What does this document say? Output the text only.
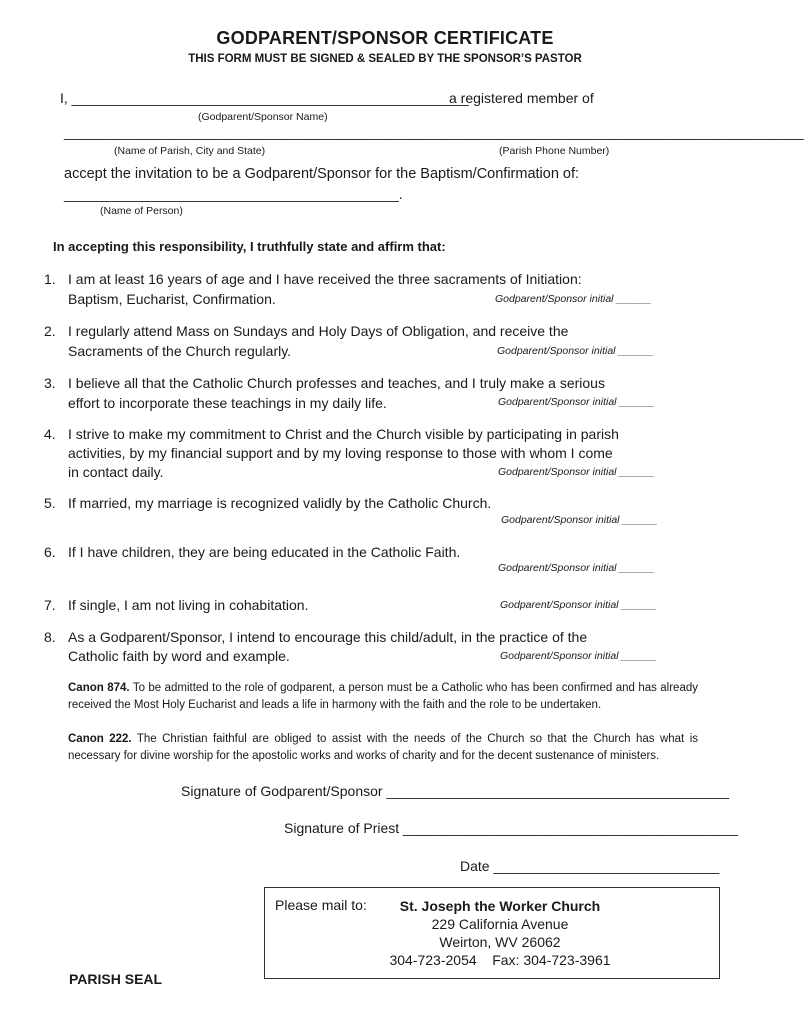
GODPARENT/SPONSOR CERTIFICATE
THIS FORM MUST BE SIGNED & SEALED BY THE SPONSOR’S PASTOR
I, ___________________________________________________
a registered member of
(Godparent/Sponsor Name)
_______________________________________________________________________________________________
(Name of Parish, City and State)	(Parish Phone Number)
accept the invitation to be a Godparent/Sponsor for the Baptism/Confirmation of:
___________________________________________.
(Name of Person)
In accepting this responsibility, I truthfully state and affirm that:
1. I am at least 16 years of age and I have received the three sacraments of Initiation:
Baptism, Eucharist, Confirmation.	Godparent/Sponsor initial ______
2. I regularly attend Mass on Sundays and Holy Days of Obligation, and receive the
Sacraments of the Church regularly.	Godparent/Sponsor initial ______
3. I believe all that the Catholic Church professes and teaches, and I truly make a serious
effort to incorporate these teachings in my daily life.	Godparent/Sponsor initial ______
4. I strive to make my commitment to Christ and the Church visible by participating in parish
activities, by my financial support and by my loving response to those with whom I come
in contact daily.	Godparent/Sponsor initial ______
5. If married, my marriage is recognized validly by the Catholic Church.
Godparent/Sponsor initial ______
6. If I have children, they are being educated in the Catholic Faith.
Godparent/Sponsor initial ______
7. If single, I am not living in cohabitation.	Godparent/Sponsor initial ______
8. As a Godparent/Sponsor, I intend to encourage this child/adult, in the practice of the
Catholic faith by word and example.	Godparent/Sponsor initial ______
Canon 874. To be admitted to the role of godparent, a person must be a Catholic who has been confirmed and has already received the Most Holy Eucharist and leads a life in harmony with the faith and the role to be undertaken.
Canon 222. The Christian faithful are obliged to assist with the needs of the Church so that the Church has what is necessary for divine worship for the apostolic works and works of charity and for the decent sustenance of ministers.
Signature of Godparent/Sponsor ____________________________________________
Signature of Priest ___________________________________________
Date _____________________________
Please mail to:	St. Joseph the Worker Church
229 California Avenue
Weirton, WV 26062
304-723-2054 Fax: 304-723-3961
PARISH SEAL
